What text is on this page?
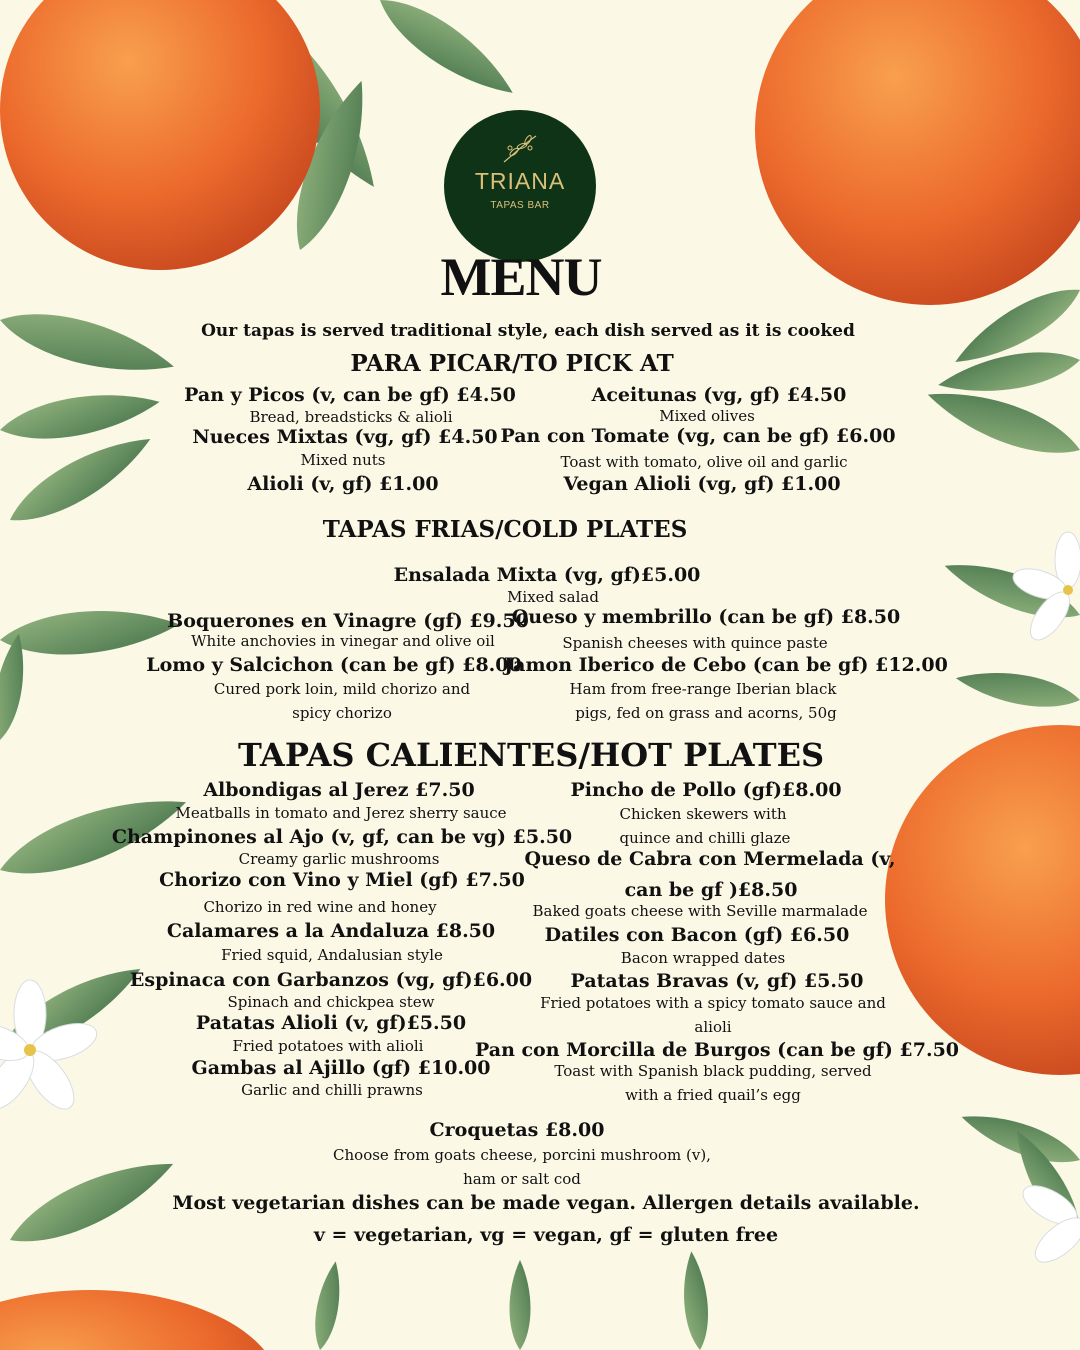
TRIANA
TAPAS BAR
MENU
Our tapas is served traditional style, each dish served as it is cooked
PARA PICAR/TO PICK AT
Pan y Picos (v, can be gf) £4.50
Bread, breadsticks & alioli
Aceitunas (vg, gf) £4.50
Mixed olives
Nueces Mixtas (vg, gf) £4.50
Mixed nuts
Pan con Tomate (vg, can be gf) £6.00
Toast with tomato, olive oil and garlic
Alioli (v, gf) £1.00	Vegan Alioli (vg, gf) £1.00
TAPAS FRIAS/COLD PLATES
Ensalada Mixta (vg, gf)£5.00
Mixed salad
Boquerones en Vinagre (gf) £9.50
White anchovies in vinegar and olive oil
Queso y membrillo (can be gf) £8.50
Spanish cheeses with quince paste
Lomo y Salcichon (can be gf) £8.00
Cured pork loin, mild chorizo and
spicy chorizo
Jamon Iberico de Cebo (can be gf) £12.00
Ham from free-range Iberian black
pigs, fed on grass and acorns, 50g
TAPAS CALIENTES/HOT PLATES
Albondigas al Jerez £7.50
Meatballs in tomato and Jerez sherry sauce
Champinones al Ajo (v, gf, can be vg) £5.50
Creamy garlic mushrooms
Chorizo con Vino y Miel (gf) £7.50
Chorizo in red wine and honey
Calamares a la Andaluza £8.50
Fried squid, Andalusian style
Espinaca con Garbanzos (vg, gf)£6.00
Spinach and chickpea stew
Patatas Alioli (v, gf)£5.50
Fried potatoes with alioli
Gambas al Ajillo (gf) £10.00
Garlic and chilli prawns
Pincho de Pollo (gf)£8.00
Chicken skewers with
quince and chilli glaze
Queso de Cabra con Mermelada (v,
can be gf )£8.50
Baked goats cheese with Seville marmalade
Datiles con Bacon (gf) £6.50
Bacon wrapped dates
Patatas Bravas (v, gf) £5.50
Fried potatoes with a spicy tomato sauce and
alioli
Pan con Morcilla de Burgos (can be gf) £7.50
Toast with Spanish black pudding, served
with a fried quail’s egg
Croquetas £8.00
Choose from goats cheese, porcini mushroom (v),
ham or salt cod
Most vegetarian dishes can be made vegan. Allergen details available.
v = vegetarian, vg = vegan, gf = gluten free
